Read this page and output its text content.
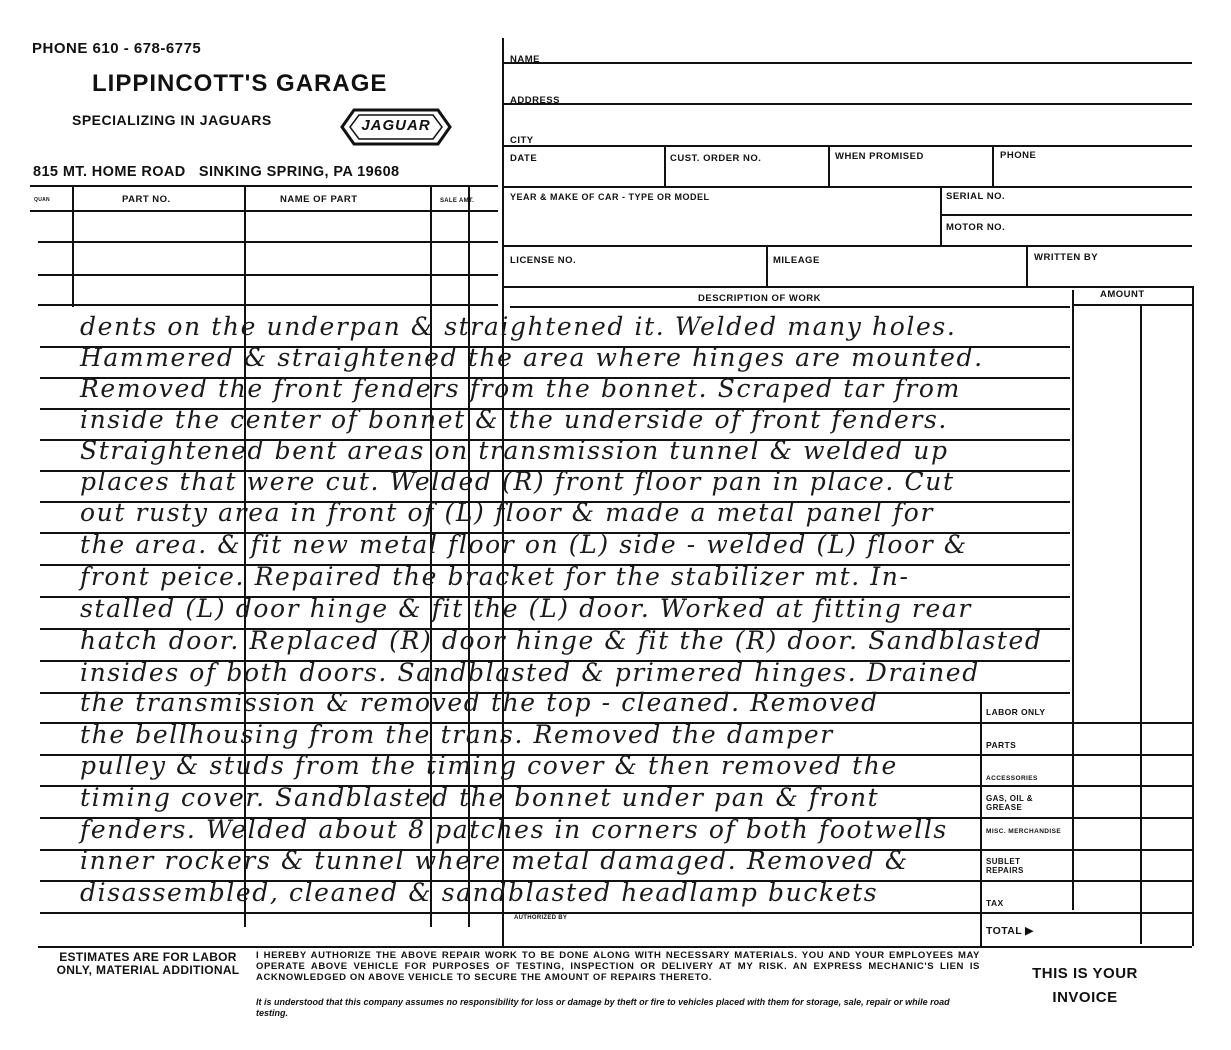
PHONE 610 - 678-6775
LIPPINCOTT'S GARAGE
SPECIALIZING IN JAGUARS	JAGUAR
815 MT. HOME ROAD   SINKING SPRING, PA 19608
QUAN	PART NO.	NAME OF PART	SALE AMT.
NAME
ADDRESS
CITY
DATE	CUST. ORDER NO.	WHEN PROMISED	PHONE
YEAR & MAKE OF CAR - TYPE OR MODEL	SERIAL NO.
MOTOR NO.
LICENSE NO.	MILEAGE	WRITTEN BY
DESCRIPTION OF WORK	AMOUNT
dents on the underpan & straightened it. Welded many holes.
Hammered & straightened the area where hinges are mounted.
Removed the front fenders from the bonnet. Scraped tar from
inside the center of bonnet & the underside of front fenders.
Straightened bent areas on transmission tunnel & welded up
places that were cut. Welded (R) front floor pan in place. Cut
out rusty area in front of (L) floor & made a metal panel for
the area. & fit new metal floor on (L) side - welded (L) floor &
front peice. Repaired the bracket for the stabilizer mt. In-
stalled (L) door hinge & fit the (L) door. Worked at fitting rear
hatch door. Replaced (R) door hinge & fit the (R) door. Sandblasted
insides of both doors. Sandblasted & primered hinges. Drained
the transmission & removed the top - cleaned. Removed
the bellhousing from the trans. Removed the damper
pulley & studs from the timing cover & then removed the
timing cover. Sandblasted the bonnet under pan & front
fenders. Welded about 8 patches in corners of both footwells
inner rockers & tunnel where metal damaged. Removed &
disassembled, cleaned & sandblasted headlamp buckets
LABOR ONLY
PARTS
ACCESSORIES
GAS, OIL & GREASE
MISC. MERCHANDISE
SUBLET REPAIRS
TAX
TOTAL ▶
AUTHORIZED BY
ESTIMATES ARE FOR LABOR ONLY, MATERIAL ADDITIONAL
I HEREBY AUTHORIZE THE ABOVE REPAIR WORK TO BE DONE ALONG WITH NECESSARY MATERIALS. YOU AND YOUR EMPLOYEES MAY OPERATE ABOVE VEHICLE FOR PURPOSES OF TESTING, INSPECTION OR DELIVERY AT MY RISK. AN EXPRESS MECHANIC'S LIEN IS ACKNOWLEDGED ON ABOVE VEHICLE TO SECURE THE AMOUNT OF REPAIRS THERETO.
It is understood that this company assumes no responsibility for loss or damage by theft or fire to vehicles placed with them for storage, sale, repair or while road testing.
THIS IS YOUR INVOICE
